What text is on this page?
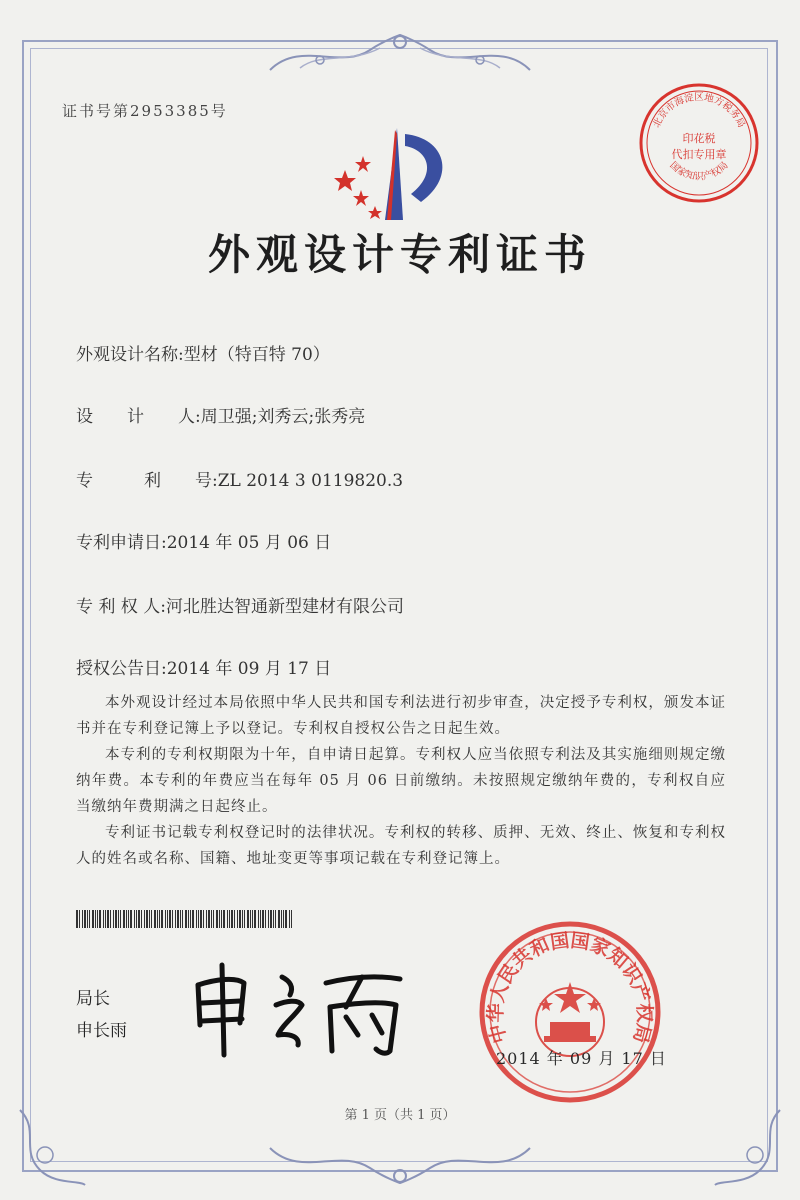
证书号第2953385号
外观设计专利证书
北京市海淀区地方税务局
印花税
代扣专用章
国家知识产权局
外观设计名称:型材（特百特 70）
设　　计　　人:周卫强;刘秀云;张秀亮
专　　　利　　号:ZL 2014 3 0119820.3
专利申请日:2014 年 05 月 06 日
专 利 权 人:河北胜达智通新型建材有限公司
授权公告日:2014 年 09 月 17 日
本外观设计经过本局依照中华人民共和国专利法进行初步审查，决定授予专利权，颁发本证书并在专利登记簿上予以登记。专利权自授权公告之日起生效。
本专利的专利权期限为十年，自申请日起算。专利权人应当依照专利法及其实施细则规定缴纳年费。本专利的年费应当在每年 05 月 06 日前缴纳。未按照规定缴纳年费的，专利权自应当缴纳年费期满之日起终止。
专利证书记载专利权登记时的法律状况。专利权的转移、质押、无效、终止、恢复和专利权人的姓名或名称、国籍、地址变更等事项记载在专利登记簿上。
局长
申长雨	中华人民共和国国家知识产权局
2014 年 09 月 17 日
第 1 页（共 1 页）
